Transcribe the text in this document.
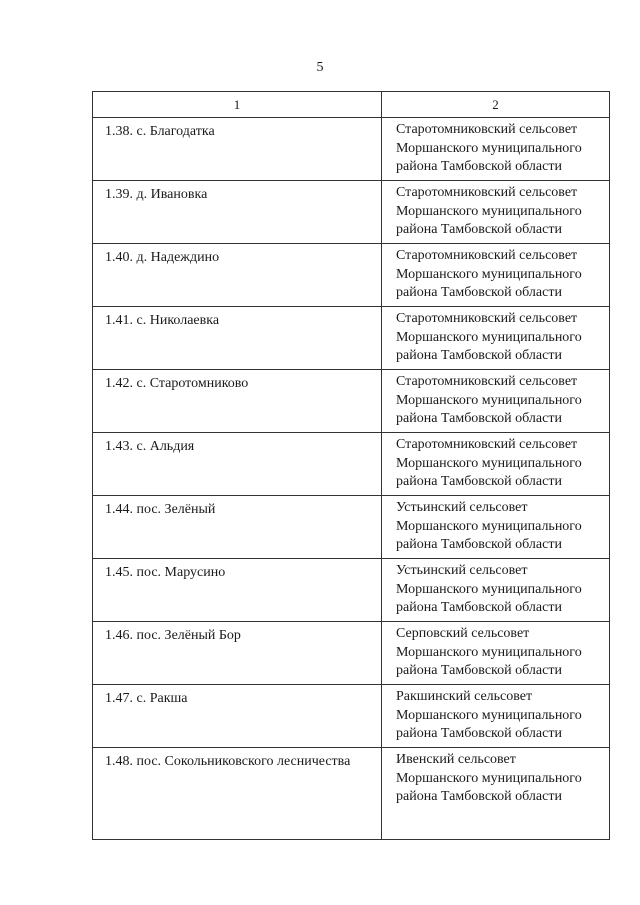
5
1	2

1.38. с. Благодатка	Старотомниковский сельсовет
Моршанского муниципального
района Тамбовской области

1.39. д. Ивановка	Старотомниковский сельсовет
Моршанского муниципального
района Тамбовской области

1.40. д. Надеждино	Старотомниковский сельсовет
Моршанского муниципального
района Тамбовской области

1.41. с. Николаевка	Старотомниковский сельсовет
Моршанского муниципального
района Тамбовской области

1.42. с. Старотомниково	Старотомниковский сельсовет
Моршанского муниципального
района Тамбовской области

1.43. с. Альдия	Старотомниковский сельсовет
Моршанского муниципального
района Тамбовской области

1.44. пос. Зелёный	Устьинский сельсовет
Моршанского муниципального
района Тамбовской области

1.45. пос. Марусино	Устьинский сельсовет
Моршанского муниципального
района Тамбовской области

1.46. пос. Зелёный Бор	Серповский сельсовет
Моршанского муниципального
района Тамбовской области

1.47. с. Ракша	Ракшинский сельсовет
Моршанского муниципального
района Тамбовской области

1.48. пос. Сокольниковского лесничества	Ивенский сельсовет
Моршанского муниципального
района Тамбовской области
